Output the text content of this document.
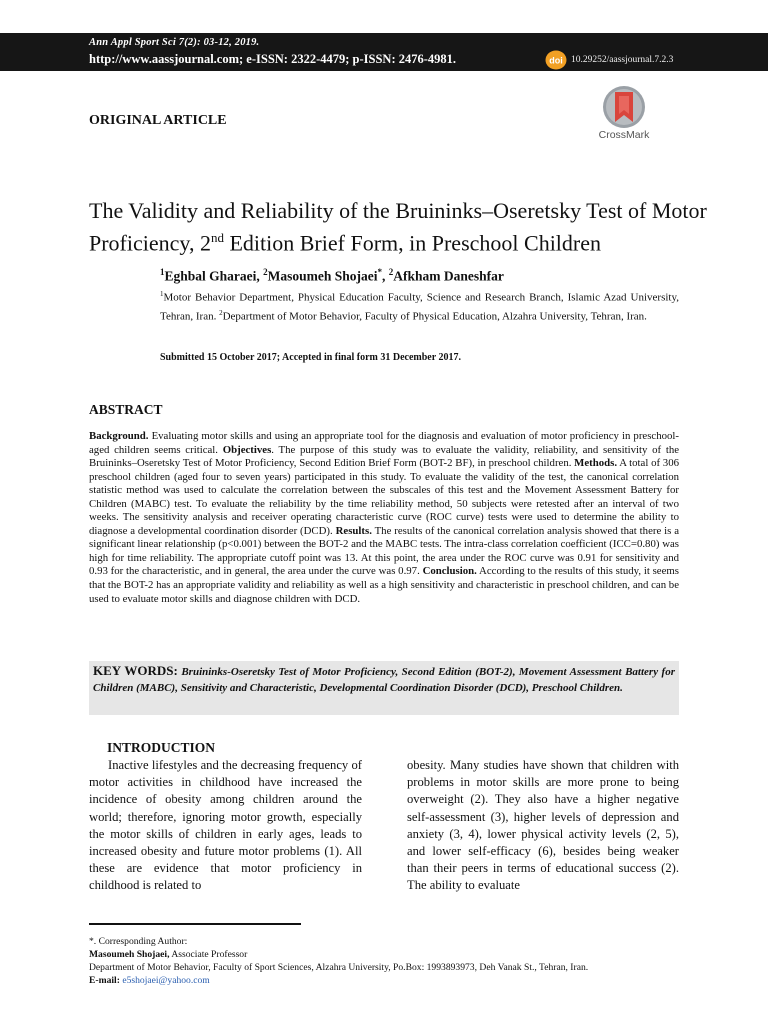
Ann Appl Sport Sci 7(2): 03-12, 2019.
http://www.aassjournal.com; e-ISSN: 2322-4479; p-ISSN: 2476-4981.	doi 10.29252/aassjournal.7.2.3
ORIGINAL ARTICLE
CrossMark
The Validity and Reliability of the Bruininks–Oseretsky Test of Motor Proficiency, 2nd Edition Brief Form, in Preschool Children
$^1$Eghbal Gharaei, $^2$Masoumeh Shojaei*, $^2$Afkham Daneshfar
$^1$Motor Behavior Department, Physical Education Faculty, Science and Research Branch, Islamic Azad University, Tehran, Iran. $^2$Department of Motor Behavior, Faculty of Physical Education, Alzahra University, Tehran, Iran.
Submitted 15 October 2017; Accepted in final form 31 December 2017.
ABSTRACT
Background. Evaluating motor skills and using an appropriate tool for the diagnosis and evaluation of motor proficiency in preschool-aged children seems critical. Objectives. The purpose of this study was to evaluate the validity, reliability, and sensitivity of the Bruininks–Oseretsky Test of Motor Proficiency, Second Edition Brief Form (BOT-2 BF), in preschool children. Methods. A total of 306 preschool children (aged four to seven years) participated in this study. To evaluate the validity of the test, the canonical correlation statistic method was used to calculate the correlation between the subscales of this test and the Movement Assessment Battery for Children (MABC) test. To evaluate the reliability by the time reliability method, 50 subjects were retested after an interval of two weeks. The sensitivity analysis and receiver operating characteristic curve (ROC curve) tests were used to determine the ability to diagnose a developmental coordination disorder (DCD). Results. The results of the canonical correlation analysis showed that there is a significant linear relationship (p<0.001) between the BOT-2 and the MABC tests. The intra-class correlation coefficient (ICC=0.80) was high for time reliability. The appropriate cutoff point was 13. At this point, the area under the ROC curve was 0.91 for sensitivity and 0.93 for the characteristic, and in general, the area under the curve was 0.97. Conclusion. According to the results of this study, it seems that the BOT-2 has an appropriate validity and reliability as well as a high sensitivity and characteristic in preschool children, and can be used to evaluate motor skills and diagnose children with DCD.
KEY WORDS: Bruininks-Oseretsky Test of Motor Proficiency, Second Edition (BOT-2), Movement Assessment Battery for Children (MABC), Sensitivity and Characteristic, Developmental Coordination Disorder (DCD), Preschool Children.
INTRODUCTION
Inactive lifestyles and the decreasing frequency of motor activities in childhood have increased the incidence of obesity among children around the world; therefore, ignoring motor growth, especially the motor skills of children in early ages, leads to increased obesity and future motor problems (1). All these are evidence that motor proficiency in childhood is related to
obesity. Many studies have shown that children with problems in motor skills are more prone to being overweight (2). They also have a higher negative self-assessment (3), higher levels of depression and anxiety (3, 4), lower physical activity levels (2, 5), and lower self-efficacy (6), besides being weaker than their peers in terms of educational success (2). The ability to evaluate
*. Corresponding Author:
Masoumeh Shojaei, Associate Professor
Department of Motor Behavior, Faculty of Sport Sciences, Alzahra University, Po.Box: 1993893973, Deh Vanak St., Tehran, Iran.
E-mail: e5shojaei@yahoo.com
